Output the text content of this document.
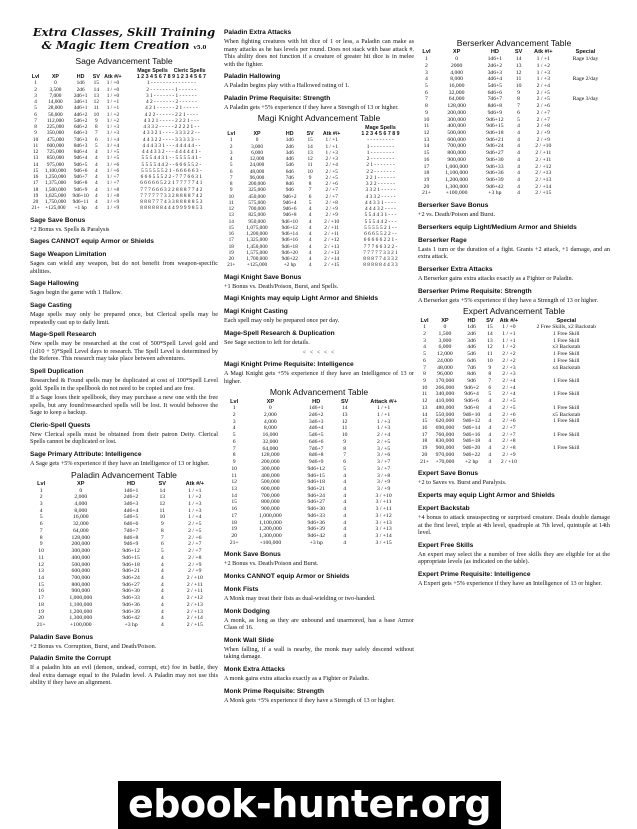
Extra Classes, Skill Training & Magic Item Creation v5.0
Sage Advancement Table
					Mage Spells Cleric Spells
Lvl	XP	HD	SV	Atk #/+	1 2 3 4 5 6 7 8 9 1 2 3 4 5 6 7
1	0	1d6	15	1 / +0	1 - - - - - - - - - - - - - - -
2	3,500	2d6	14	1 / +0	2 - - - - - - - - 1 - - - - - -
3	7,000	2d6+1	13	1 / +0	3 1 - - - - - - - 1 - - - - - -
4	14,000	3d6+1	12	1 / +1	4 2 - - - - - - - 2 - - - - - -
5	28,000	4d6+1	11	1 / +1	4 2 1 - - - - - - 2 1 - - - - -
6	56,000	4d6+2	10	1 / +2	4 2 2 - - - - - - 2 2 1 - - - -
7	112,000	5d6+2	9	1 / +2	4 3 2 1 - - - - - 2 2 2 1 - - -
8	225,000	6d6+2	8	1 / +3	4 3 3 2 - - - - - 2 2 2 2 1 - -
9	350,000	6d6+3	7	1 / +3	4 3 3 2 1 - - - - 3 3 3 2 2 - -
10	475,000	7d6+3	6	1 / +4	4 4 3 2 2 - - - - 3 3 3 3 3 - -
11	600,000	8d6+3	5	1 / +4	4 4 4 3 3 1 - - - 4 4 4 4 4 - -
12	725,000	8d6+4	4	1 / +5	4 4 4 3 3 2 - - - 4 4 4 4 4 1 -
13	850,000	9d6+4	4	1 / +5	5 5 5 4 4 3 1 - - 5 5 5 5 4 1 -
14	975,000	9d6+5	4	1 / +6	5 5 5 5 4 4 2 - - 6 6 6 5 5 2 -
15	1,100,000	9d6+6	4	1 / +6	5 5 5 5 5 5 2 1 - 6 6 6 6 6 3 -
16	1,250,000	9d6+7	4	1 / +7	6 6 6 5 5 5 2 2 - 7 7 7 6 6 3 1
17	1,375,000	9d6+8	4	1 / +7	6 6 6 6 6 5 2 2 1 7 7 7 7 7 4 1
18	1,500,000	9d6+9	4	1 / +8	7 7 7 6 6 6 3 2 2 8 8 8 7 7 4 2
19	1,625,000	9d6+10	4	1 / +8	7 7 7 7 7 7 3 3 2 8 8 8 8 7 4 2
20	1,750,000	9d6+11	4	1 / +9	8 8 8 7 7 7 4 3 3 8 8 8 8 8 5 3
21+	+125,000	+1 hp	4	1 / +9	8 8 8 8 8 8 4 4 4 9 9 9 9 8 5 3
Sage Save Bonus

+2 Bonus vs. Spells & Paralysis

Sages CANNOT equip Armor or Shields
Sage Weapon Limitation

Sages can wield any weapon, but do not benefit from weapon-specific abilities.

Sage Hallowing

Sages begin the game with 1 Hallow.

Sage Casting

Mage spells may only be prepared once, but Clerical spells may be repeatedly cast up to daily limit.

Mage-Spell Research

New spells may be researched at the cost of 500*Spell Level gold and (1d10 + 5)*Spell Level days to research. The Spell Level is determined by the Referee. This research may take place between adventures.

Spell Duplication

Researched & Found spells may be duplicated at cost of 100*Spell Level gold. Spells in the spellbook do not need to be copied and are free.

If a Sage loses their spellbook, they may purchase a new one with the free spells, but any found/researched spells will be lost. It would behoove the Sage to keep a backup.

Cleric-Spell Quests

New Clerical spells must be obtained from their patron Deity. Clerical Spells cannot be duplicated or lost.

Sage Primary Attribute: Intelligence

A Sage gets +5% experience if they have an Intelligence of 13 or higher.

Paladin Advancement Table
Lvl	XP	HD	SV	Atk #/+
1	0	1d6+1	14	1 / +1
2	2,000	2d6+2	13	1 / +2
3	4,000	3d6+3	12	1 / +3
4	8,000	4d6+4	11	1 / +3
5	16,000	5d6+5	10	1 / +4
6	32,000	6d6+6	9	2 / +5
7	64,000	7d6+7	8	2 / +5
8	128,000	8d6+8	7	2 / +6
9	200,000	9d6+9	6	2 / +7
10	300,000	9d6+12	5	2 / +7
11	400,000	9d6+15	4	2 / +8
12	500,000	9d6+18	4	2 / +9
13	600,000	9d6+21	4	2 / +9
14	700,000	9d6+24	4	2 / +10
15	800,000	9d6+27	4	2 / +11
16	900,000	9d6+30	4	2 / +11
17	1,000,000	9d6+33	4	2 / +12
18	1,100,000	9d6+36	4	2 / +13
19	1,200,000	9d6+39	4	2 / +13
20	1,300,000	9d6+42	4	2 / +14
21+	+100,000	+3 hp	4	2 / +15
Paladin Save Bonus

+2 Bonus vs. Corruption, Burst, and Death/Poison.

Paladin Smite the Corrupt

If a paladin hits an evil (demon, undead, corrupt, etc) foe in battle, they deal extra damage equal to the Paladin level. A Paladin may not use this ability if they have an alignment.

Paladin Extra Attacks

When fighting creatures with hit dice of 1 or less, a Paladin can make as many attacks as he has levels per round. Does not stack with base attack #. This ability does not function if a creature of greater hit dice is in melee with the fighter.

Paladin Hallowing

A Paladin begins play with a Hallowed rating of 1.

Paladin Prime Requisite: Strength

A Paladin gets +5% experience if they have a Strength of 13 or higher.

Magi Knight Advancement Table
					Mage Spells
Lvl	XP	HD	SV	Atk #/+	1 2 3 4 5 6 7 8 9
1	0	1d6	15	1 / +1	- - - - - - - - -
2	3,000	2d6	14	1 / +1	1 - - - - - - - -
3	6,000	3d6	13	1 / +3	1 - - - - - - - -
4	12,000	4d6	12	2 / +3	2 - - - - - - - -
5	24,000	5d6	11	2 / +4	2 1 - - - - - - -
6	48,000	6d6	10	2 / +5	2 2 - - - - - - -
7	96,000	7d6	9	2 / +5	2 2 1 - - - - - -
8	200,000	8d6	8	2 / +6	3 2 2 - - - - - -
9	325,000	9d6	7	2 / +7	3 3 2 1 - - - - -
10	450,000	9d6+2	6	2 / +7	4 3 3 2 - - - - -
11	575,000	9d6+4	5	2 / +8	4 4 3 3 1 - - - -
12	700,000	9d6+6	4	2 / +9	4 4 4 3 2 - - - -
13	825,000	9d6+8	4	2 / +9	5 5 4 4 3 1 - - -
14	950,000	9d6+10	4	2 / +10	5 5 5 4 4 2 - - -
15	1,075,000	9d6+12	4	2 / +11	5 5 5 5 5 2 1 - -
16	1,200,000	9d6+14	4	2 / +11	6 6 6 5 5 2 2 - -
17	1,325,000	9d6+16	4	2 / +12	6 6 6 6 6 2 2 1 -
18	1,450,000	9d6+18	4	2 / +13	7 7 7 6 6 3 2 2 -
19	1,575,000	9d6+20	4	2 / +13	7 7 7 7 7 3 3 2 1
20	1,700,000	9d6+22	4	2 / +14	8 8 8 7 7 4 3 3 2
21+	+125,000	+2 hp	4	2 / +15	8 8 8 8 8 4 4 3 3
Magi Knight Save Bonus

+1 Bonus vs. Death/Poison, Burst, and Spells.

Magi Knights may equip Light Armor and Shields
Magi Knight Casting

Each spell may only be prepared once per day.

Mage-Spell Research & Duplication

See Sage section to left for details.

< < < < <
Magi Knight Prime Requisite: Intelligence

A Magi Knight gets +5% experience if they have an Intelligence of 13 or higher.

Monk Advancement Table
Lvl	XP	HD	SV	Attack #/+
1	0	1d6+1	14	1 / +1
2	2,000	2d6+2	13	1 / +1
3	4,000	3d6+3	12	1 / +3
4	8,000	4d6+4	11	1 / +3
5	16,000	5d6+5	10	2 / +4
6	32,000	6d6+6	9	2 / +5
7	64,000	7d6+7	8	3 / +5
8	128,000	8d6+8	7	3 / +6
9	200,000	9d6+9	6	3 / +7
10	300,000	9d6+12	5	3 / +7
11	400,000	9d6+15	4	3 / +8
12	500,000	9d6+18	4	3 / +9
13	600,000	9d6+21	4	3 / +9
14	700,000	9d6+24	4	3 / +10
15	800,000	9d6+27	4	3 / +11
16	900,000	9d6+30	4	3 / +11
17	1,000,000	9d6+33	4	3 / +12
18	1,100,000	9d6+36	4	3 / +13
19	1,200,000	9d6+39	4	3 / +13
20	1,300,000	9d6+42	4	3 / +14
21+	+100,000	+3 hp	4	3 / +15
Monk Save Bonus

+2 Bonus vs. Death/Poison and Burst.

Monks CANNOT equip Armor or Shields
Monk Fists

A Monk may treat their fists as dual-wielding or two-handed.

Monk Dodging

A monk, as long as they are unbound and unarmored, has a base Armor Class of 16.

Monk Wall Slide

When falling, if a wall is nearby, the monk may safely descend without taking damage.

Monk Extra Attacks

A monk gains extra attacks exactly as a Fighter or Paladin.

Monk Prime Requisite: Strength

A Monk gets +5% experience if they have a Strength of 13 or higher.

Berserker Advancement Table
Lvl	XP	HD	SV	Atk #/+	Special
1	0	1d6+1	14	1 / +1	Rage 1/day
2	2000	2d6+2	13	1 / +2	
3	4,000	3d6+3	12	1 / +3	
4	8,000	4d6+4	11	1 / +3	Rage 2/day
5	16,000	5d6+5	10	2 / +4	
6	32,000	6d6+6	9	2 / +5	
7	64,000	7d6+7	8	2 / +5	Rage 3/day
8	128,000	8d6+8	7	2 / +6	
9	200,000	9d6+9	6	2 / +7	
10	300,000	9d6+12	5	2 / +7	
11	400,000	9d6+15	4	2 / +8	
12	500,000	9d6+18	4	2 / +9	
13	600,000	9d6+21	4	2 / +9	
14	700,000	9d6+24	4	2 / +10	
15	800,000	9d6+27	4	2 / +11	
16	900,000	9d6+30	4	2 / +11	
17	1,000,000	9d6+33	4	2 / +12	
18	1,100,000	9d6+36	4	2 / +13	
19	1,200,000	9d6+39	4	2 / +13	
20	1,300,000	9d6+42	4	2 / +14	
21+	+100,000	+3 hp	4	2 / +15	
Berserker Save Bonus

+2 vs. Death/Poison and Burst.

Berserkers equip Light/Medium Armor and Shields
Berserker Rage

Lasts 1 turn or the duration of a fight. Grants +2 attack, +1 damage, and an extra attack.

Berserker Extra Attacks

A Berserker gains extra attacks exactly as a Fighter or Paladin.

Berserker Prime Requisite: Strength

A Berserker gets +5% experience if they have a Strength of 13 or higher.

Expert Advancement Table
Lvl	XP	HD	SV	Atk #/+	Special
1	0	1d6	15	1 / +0	2 Free Skills, x2 Backstab
2	1,500	2d6	14	1 / +1	1 Free Skill
3	3,000	3d6	13	1 / +1	1 Free Skill
4	6,000	4d6	12	1 / +2	x3 Backstab
5	12,000	5d6	11	2 / +2	1 Free Skill
6	24,000	6d6	10	2 / +2	1 Free Skill
7	48,000	7d6	9	2 / +3	x4 Backstab
8	96,000	8d6	8	2 / +3	
9	170,000	9d6	7	2 / +4	1 Free Skill
10	266,000	9d6+2	6	2 / +4	
11	340,000	9d6+4	5	2 / +4	1 Free Skill
12	410,000	9d6+6	4	2 / +5	
13	480,000	9d6+8	4	2 / +5	1 Free Skill
14	550,000	9d6+10	4	2 / +6	x5 Backstab
15	620,000	9d6+12	4	2 / +6	1 Free Skill
16	690,000	9d6+14	4	2 / +7	
17	760,000	9d6+16	4	2 / +7	1 Free Skill
18	830,000	9d6+18	4	2 / +8	
19	900,000	9d6+20	4	2 / +8	1 Free Skill
20	970,000	9d6+22	4	2 / +9	
21+	+70,000	+2 hp	4	2 / +10	
Expert Save Bonus

+2 to Saves vs. Burst and Paralysis.

Experts may equip Light Armor and Shields
Expert Backstab

+4 bonus to attack unsuspecting or surprised creature. Deals double damage at the first level, triple at 4th level, quadruple at 7th level, quintuple at 14th level.

Expert Free Skills

An expert may select the a number of free skills they are eligible for at the appropriate levels (as indicated on the table).

Expert Prime Requisite: Intelligence

A Expert gets +5% experience if they have an Intelligence of 13 or higher.

ebook-hunter.org
